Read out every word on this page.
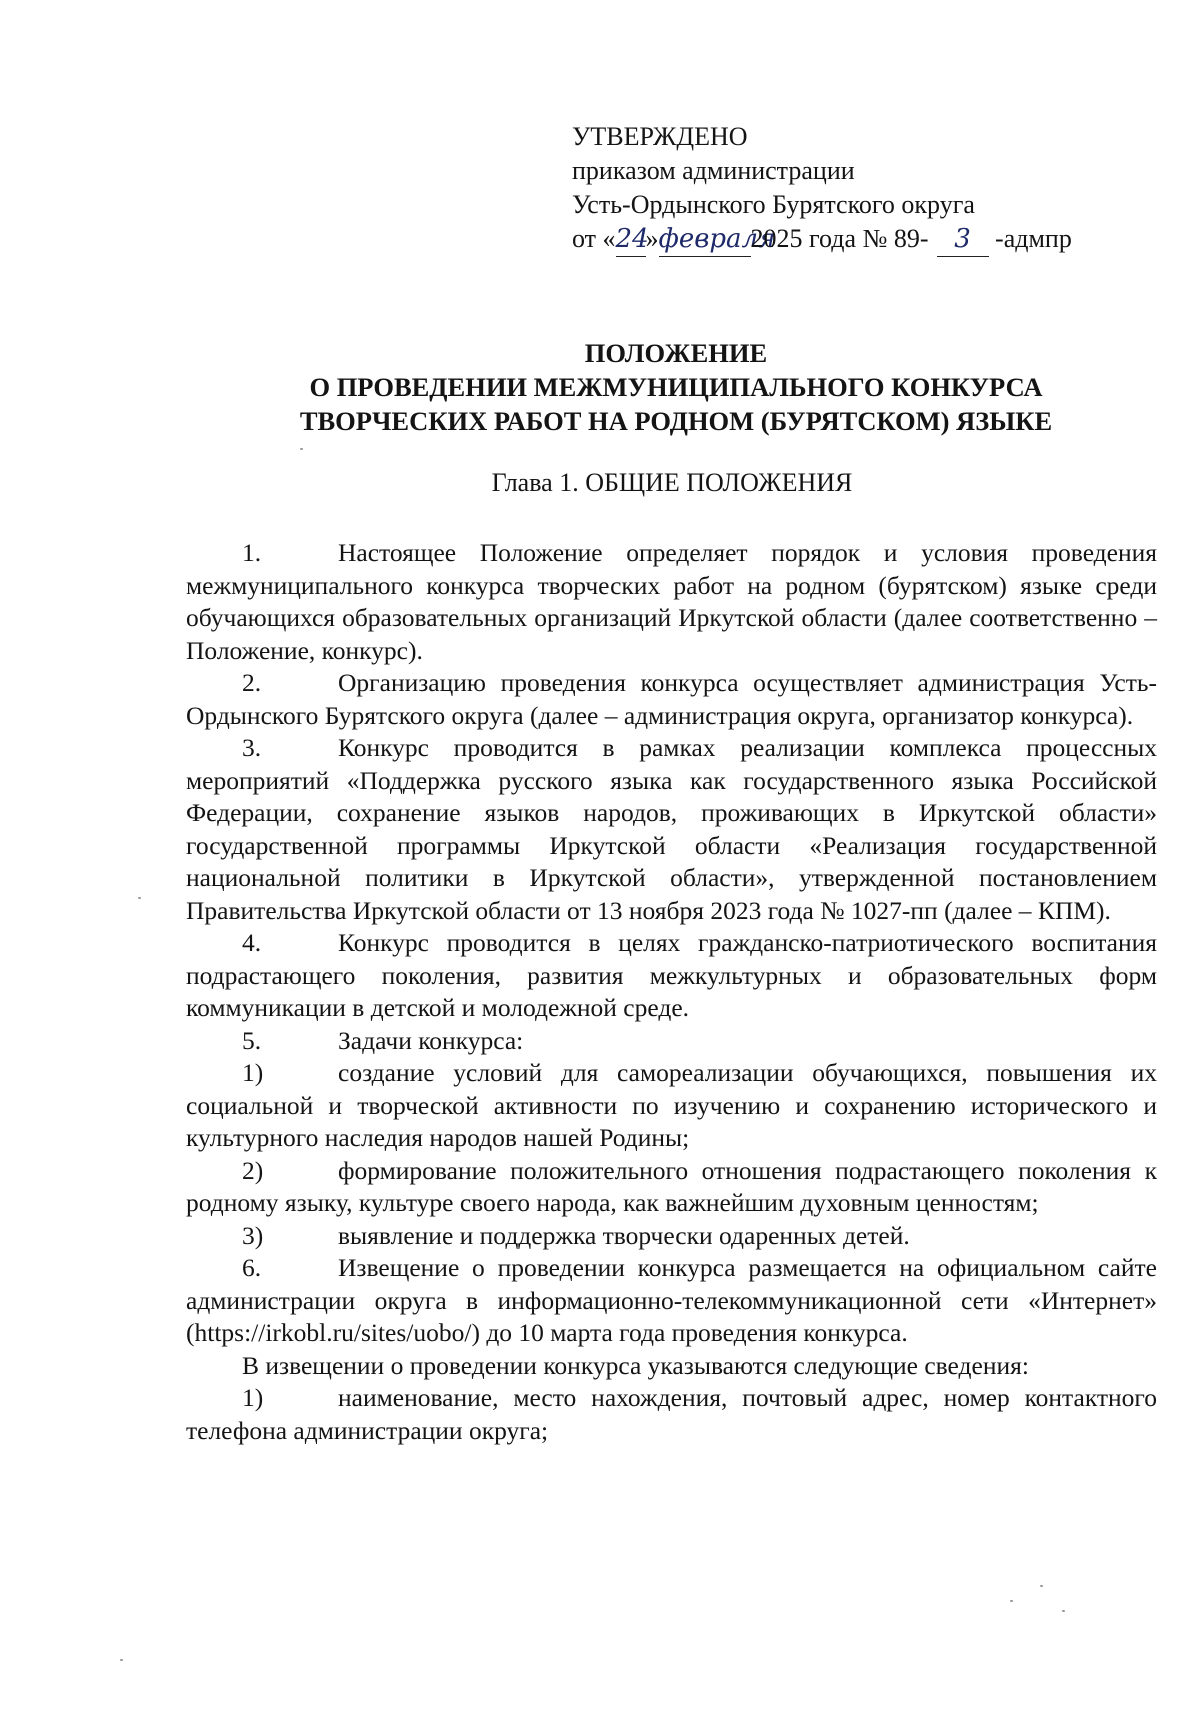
УТВЕРЖДЕНО
приказом администрации
Усть-Ордынского Бурятского округа
от «24»февраля2025 года № 89- 3 -адмпр
ПОЛОЖЕНИЕ
О ПРОВЕДЕНИИ МЕЖМУНИЦИПАЛЬНОГО КОНКУРСА
ТВОРЧЕСКИХ РАБОТ НА РОДНОМ (БУРЯТСКОМ) ЯЗЫКЕ
Глава 1. ОБЩИЕ ПОЛОЖЕНИЯ

1.	Настоящее Положение определяет порядок и условия проведения межмуниципального конкурса творческих работ на родном (бурятском) языке среди обучающихся образовательных организаций Иркутской области (далее соответственно – Положение, конкурс).

2.	Организацию проведения конкурса осуществляет администрация Усть-Ордынского Бурятского округа (далее – администрация округа, организатор конкурса).

3.	Конкурс проводится в рамках реализации комплекса процессных мероприятий «Поддержка русского языка как государственного языка Российской Федерации, сохранение языков народов, проживающих в Иркутской области» государственной программы Иркутской области «Реализация государственной национальной политики в Иркутской области», утвержденной постановлением Правительства Иркутской области от 13 ноября 2023 года № 1027-пп (далее – КПМ).

4.	Конкурс проводится в целях гражданско-патриотического воспитания подрастающего поколения, развития межкультурных и образовательных форм коммуникации в детской и молодежной среде.

5.	Задачи конкурса:

1)	создание условий для самореализации обучающихся, повышения их социальной и творческой активности по изучению и сохранению исторического и культурного наследия народов нашей Родины;

2)	формирование положительного отношения подрастающего поколения к родному языку, культуре своего народа, как важнейшим духовным ценностям;

3)	выявление и поддержка творчески одаренных детей.

6.	Извещение о проведении конкурса размещается на официальном сайте администрации округа в информационно-телекоммуникационной сети «Интернет» (https://irkobl.ru/sites/uobo/) до 10 марта года проведения конкурса.

В извещении о проведении конкурса указываются следующие сведения:

1)	наименование, место нахождения, почтовый адрес, номер контактного телефона администрации округа;
